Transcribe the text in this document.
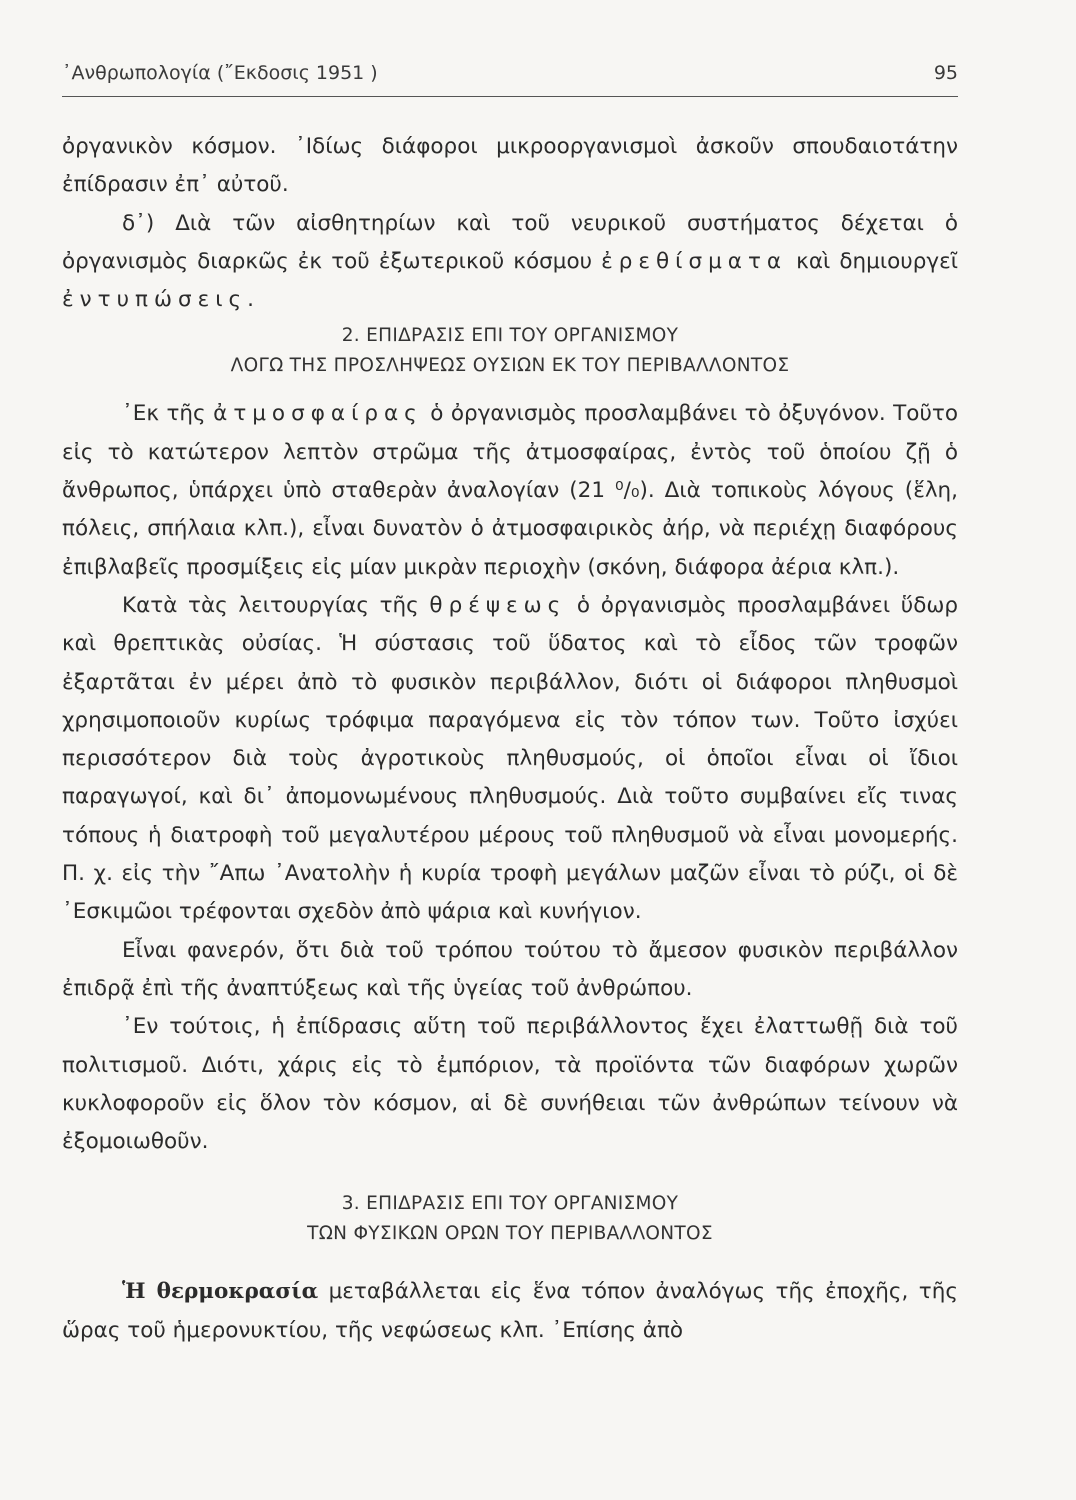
᾿Ανθρωπολογία (῎Εκδοσις 1951 )	95

ὀργανικὸν κόσμον. ᾿Ιδίως διάφοροι μικροοργανισμοὶ ἀσκοῦν σπουδαιοτάτην ἐπίδρασιν ἐπ᾿ αὐτοῦ.

δ᾿) Διὰ τῶν αἰσθητηρίων καὶ τοῦ νευρικοῦ συστήματος δέχεται ὁ ὀργανισμὸς διαρκῶς ἐκ τοῦ ἐξωτερικοῦ κόσμου ἐρεθίσματα καὶ δημιουργεῖ ἐντυπώσεις.

2. ΕΠΙΔΡΑΣΙΣ ΕΠΙ ΤΟΥ ΟΡΓΑΝΙΣΜΟΥ
ΛΟΓΩ ΤΗΣ ΠΡΟΣΛΗΨΕΩΣ ΟΥΣΙΩΝ ΕΚ ΤΟΥ ΠΕΡΙΒΑΛΛΟΝΤΟΣ

᾿Εκ τῆς ἀτμοσφαίρας ὁ ὀργανισμὸς προσλαμβάνει τὸ ὀξυγόνον. Τοῦτο εἰς τὸ κατώτερον λεπτὸν στρῶμα τῆς ἀτμοσφαίρας, ἐντὸς τοῦ ὁποίου ζῇ ὁ ἄνθρωπος, ὑπάρχει ὑπὸ σταθερὰν ἀναλογίαν (21 ⁰/₀). Διὰ τοπικοὺς λόγους (ἕλη, πόλεις, σπήλαια κλπ.), εἶναι δυνατὸν ὁ ἀτμοσφαιρικὸς ἀήρ, νὰ περιέχῃ διαφόρους ἐπιβλαβεῖς προσμίξεις εἰς μίαν μικρὰν περιοχὴν (σκόνη, διάφορα ἀέρια κλπ.).

Κατὰ τὰς λειτουργίας τῆς θρέψεως ὁ ὀργανισμὸς προσλαμβάνει ὕδωρ καὶ θρεπτικὰς οὐσίας. Ἡ σύστασις τοῦ ὕδατος καὶ τὸ εἶδος τῶν τροφῶν ἐξαρτᾶται ἐν μέρει ἀπὸ τὸ φυσικὸν περιβάλλον, διότι οἱ διάφοροι πληθυσμοὶ χρησιμοποιοῦν κυρίως τρόφιμα παραγόμενα εἰς τὸν τόπον των. Τοῦτο ἰσχύει περισσότερον διὰ τοὺς ἀγροτικοὺς πληθυσμούς, οἱ ὁποῖοι εἶναι οἱ ἴδιοι παραγωγοί, καὶ δι᾿ ἀπομονωμένους πληθυσμούς. Διὰ τοῦτο συμβαίνει εἴς τινας τόπους ἡ διατροφὴ τοῦ μεγαλυτέρου μέρους τοῦ πληθυσμοῦ νὰ εἶναι μονομερής. Π. χ. εἰς τὴν ῎Απω ᾿Ανατολὴν ἡ κυρία τροφὴ μεγάλων μαζῶν εἶναι τὸ ρύζι, οἱ δὲ ᾿Εσκιμῶοι τρέφονται σχεδὸν ἀπὸ ψάρια καὶ κυνήγιον.

Εἶναι φανερόν, ὅτι διὰ τοῦ τρόπου τούτου τὸ ἄμεσον φυσικὸν περιβάλλον ἐπιδρᾷ ἐπὶ τῆς ἀναπτύξεως καὶ τῆς ὑγείας τοῦ ἀνθρώπου.

᾿Εν τούτοις, ἡ ἐπίδρασις αὕτη τοῦ περιβάλλοντος ἔχει ἐλαττωθῇ διὰ τοῦ πολιτισμοῦ. Διότι, χάρις εἰς τὸ ἐμπόριον, τὰ προϊόντα τῶν διαφόρων χωρῶν κυκλοφοροῦν εἰς ὅλον τὸν κόσμον, αἱ δὲ συνήθειαι τῶν ἀνθρώπων τείνουν νὰ ἐξομοιωθοῦν.

3. ΕΠΙΔΡΑΣΙΣ ΕΠΙ ΤΟΥ ΟΡΓΑΝΙΣΜΟΥ
ΤΩΝ ΦΥΣΙΚΩΝ ΟΡΩΝ ΤΟΥ ΠΕΡΙΒΑΛΛΟΝΤΟΣ

Ἡ θερμοκρασία μεταβάλλεται εἰς ἕνα τόπον ἀναλόγως τῆς ἐποχῆς, τῆς ὥρας τοῦ ἡμερονυκτίου, τῆς νεφώσεως κλπ. ᾿Επίσης ἀπὸ
